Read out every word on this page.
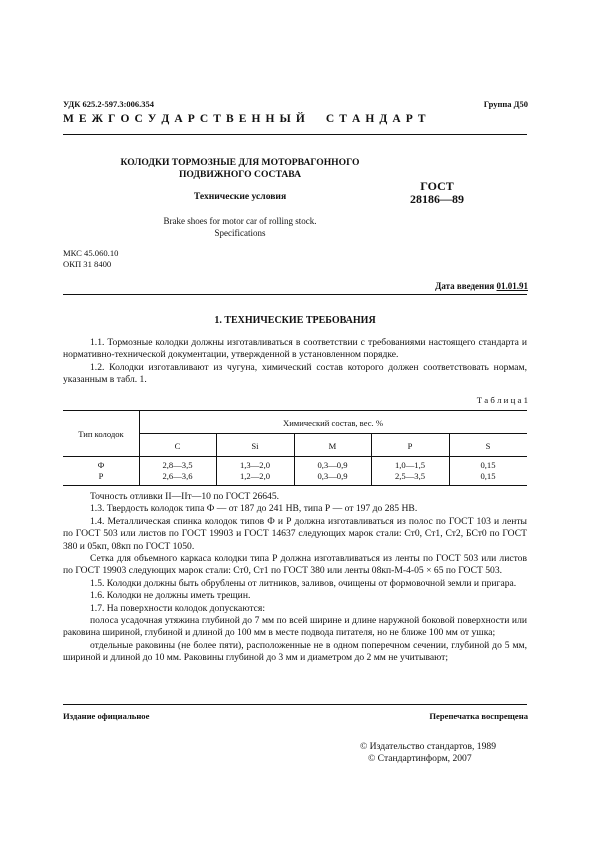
УДК 625.2-597.3:006.354	Группа Д50
М Е Ж Г О С У Д А Р С Т В Е Н Н Ы Й     С Т А Н Д А Р Т
КОЛОДКИ ТОРМОЗНЫЕ ДЛЯ МОТОРВАГОННОГО
ПОДВИЖНОГО СОСТАВА
Технические условия
Brake shoes for motor car of rolling stock.
Specifications
ГОСТ
28186—89
МКС 45.060.10
ОКП 31 8400
Дата введения 01.01.91
1. ТЕХНИЧЕСКИЕ ТРЕБОВАНИЯ

1.1. Тормозные колодки должны изготавливаться в соответствии с требованиями настоящего стандарта и нормативно-технической документации, утвержденной в установленном порядке.

1.2. Колодки изготавливают из чугуна, химический состав которого должен соответствовать нормам, указанным в табл. 1.

Т а б л и ц а 1
Тип колодок
Химический состав, вес. %
C	Si	M	P	S
Ф	2,8—3,5	1,3—2,0	0,3—0,9	1,0—1,5	0,15
Р	2,6—3,6	1,2—2,0	0,3—0,9	2,5—3,5	0,15

Точность отливки II—IIт—10 по ГОСТ 26645.

1.3. Твердость колодок типа Ф — от 187 до 241 НВ, типа Р — от 197 до 285 НВ.

1.4. Металлическая спинка колодок типов Ф и Р должна изготавливаться из полос по ГОСТ 103 и ленты по ГОСТ 503 или листов по ГОСТ 19903 и ГОСТ 14637 следующих марок стали: Ст0, Ст1, Ст2, БСт0 по ГОСТ 380 и 05кп, 08кп по ГОСТ 1050.

Сетка для объемного каркаса колодки типа Р должна изготавливаться из ленты по ГОСТ 503 или листов по ГОСТ 19903 следующих марок стали: Ст0, Ст1 по ГОСТ 380 или ленты 08кп-М-4-05 × 65 по ГОСТ 503.

1.5. Колодки должны быть обрублены от литников, заливов, очищены от формовочной земли и пригара.

1.6. Колодки не должны иметь трещин.

1.7. На поверхности колодок допускаются:

полоса усадочная утяжина глубиной до 7 мм по всей ширине и длине наружной боковой поверхности или раковина шириной, глубиной и длиной до 100 мм в месте подвода питателя, но не ближе 100 мм от ушка;

отдельные раковины (не более пяти), расположенные не в одном поперечном сечении, глубиной до 5 мм, шириной и длиной до 10 мм. Раковины глубиной до 3 мм и диаметром до 2 мм не учитывают;

Издание официальное	Перепечатка воспрещена
© Издательство стандартов, 1989
© Стандартинформ, 2007
